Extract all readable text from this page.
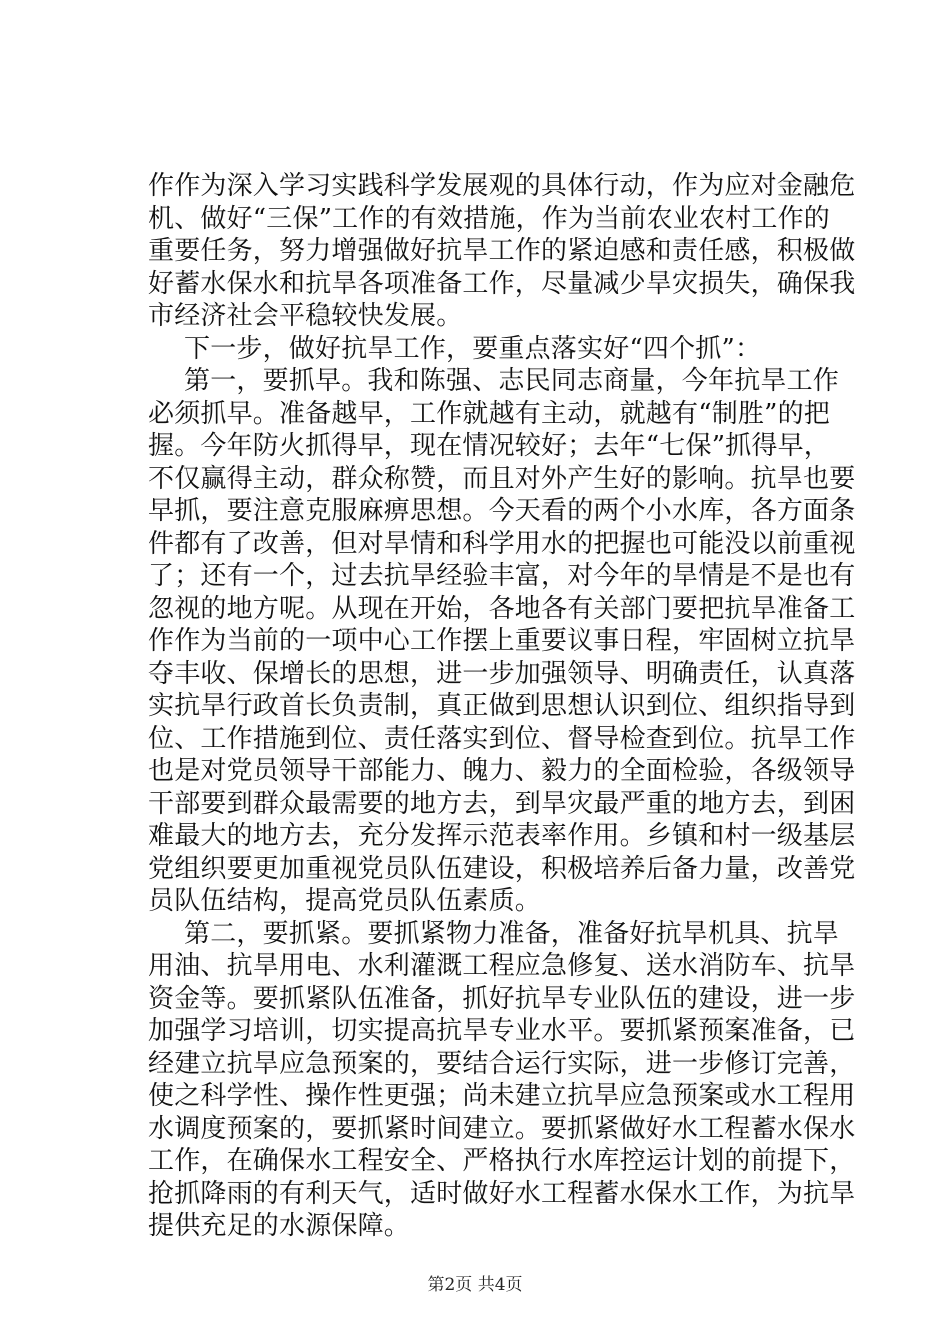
作作为深入学习实践科学发展观的具体行动，作为应对金融危
机、做好“三保”工作的有效措施，作为当前农业农村工作的
重要任务，努力增强做好抗旱工作的紧迫感和责任感，积极做
好蓄水保水和抗旱各项准备工作，尽量减少旱灾损失，确保我
市经济社会平稳较快发展。
下一步，做好抗旱工作，要重点落实好“四个抓”：
第一，要抓早。我和陈强、志民同志商量，今年抗旱工作
必须抓早。准备越早，工作就越有主动，就越有“制胜”的把
握。今年防火抓得早，现在情况较好；去年“七保”抓得早，
不仅赢得主动，群众称赞，而且对外产生好的影响。抗旱也要
早抓，要注意克服麻痹思想。今天看的两个小水库，各方面条
件都有了改善，但对旱情和科学用水的把握也可能没以前重视
了；还有一个，过去抗旱经验丰富，对今年的旱情是不是也有
忽视的地方呢。从现在开始，各地各有关部门要把抗旱准备工
作作为当前的一项中心工作摆上重要议事日程，牢固树立抗旱
夺丰收、保增长的思想，进一步加强领导、明确责任，认真落
实抗旱行政首长负责制，真正做到思想认识到位、组织指导到
位、工作措施到位、责任落实到位、督导检查到位。抗旱工作
也是对党员领导干部能力、魄力、毅力的全面检验，各级领导
干部要到群众最需要的地方去，到旱灾最严重的地方去，到困
难最大的地方去，充分发挥示范表率作用。乡镇和村一级基层
党组织要更加重视党员队伍建设，积极培养后备力量，改善党
员队伍结构，提高党员队伍素质。
第二，要抓紧。要抓紧物力准备，准备好抗旱机具、抗旱
用油、抗旱用电、水利灌溉工程应急修复、送水消防车、抗旱
资金等。要抓紧队伍准备，抓好抗旱专业队伍的建设，进一步
加强学习培训，切实提高抗旱专业水平。要抓紧预案准备，已
经建立抗旱应急预案的，要结合运行实际，进一步修订完善，
使之科学性、操作性更强；尚未建立抗旱应急预案或水工程用
水调度预案的，要抓紧时间建立。要抓紧做好水工程蓄水保水
工作，在确保水工程安全、严格执行水库控运计划的前提下，
抢抓降雨的有利天气，适时做好水工程蓄水保水工作，为抗旱
提供充足的水源保障。
第2页 共4页
